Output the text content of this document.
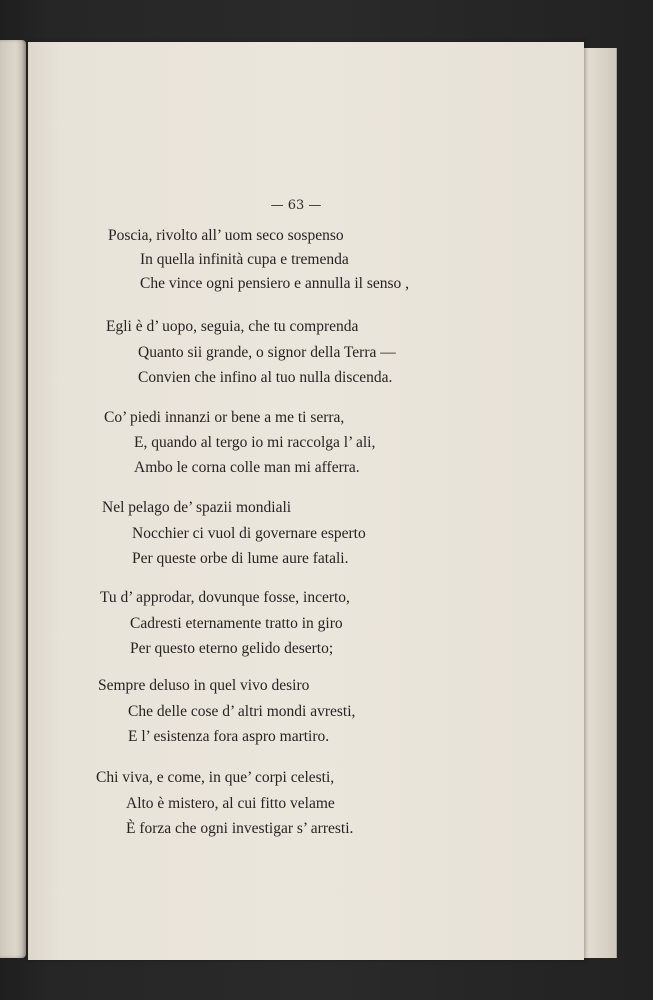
— 63 —
Poscia, rivolto all’ uom seco sospenso
In quella infinità cupa e tremenda
Che vince ogni pensiero e annulla il senso ,
Egli è d’ uopo, seguia, che tu comprenda
Quanto sii grande, o signor della Terra —
Convien che infino al tuo nulla discenda.
Co’ piedi innanzi or bene a me ti serra,
E, quando al tergo io mi raccolga l’ ali,
Ambo le corna colle man mi afferra.
Nel pelago de’ spazii mondiali
Nocchier ci vuol di governare esperto
Per queste orbe di lume aure fatali.
Tu d’ approdar, dovunque fosse, incerto,
Cadresti eternamente tratto in giro
Per questo eterno gelido deserto;
Sempre deluso in quel vivo desiro
Che delle cose d’ altri mondi avresti,
E l’ esistenza fora aspro martiro.
Chi viva, e come, in que’ corpi celesti,
Alto è mistero, al cui fitto velame
È forza che ogni investigar s’ arresti.
